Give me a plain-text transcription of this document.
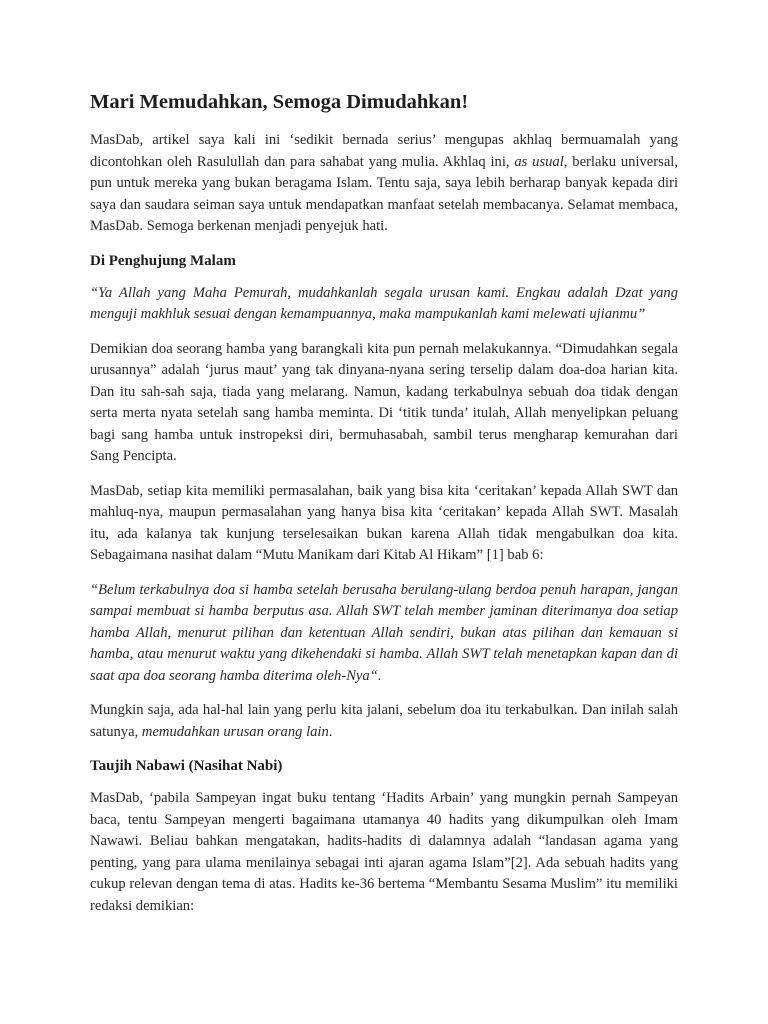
Mari Memudahkan, Semoga Dimudahkan!

MasDab, artikel saya kali ini ‘sedikit bernada serius’ mengupas akhlaq bermuamalah yang dicontohkan oleh Rasulullah dan para sahabat yang mulia. Akhlaq ini, as usual, berlaku universal, pun untuk mereka yang bukan beragama Islam. Tentu saja, saya lebih berharap banyak kepada diri saya dan saudara seiman saya untuk mendapatkan manfaat setelah membacanya. Selamat membaca, MasDab. Semoga berkenan menjadi penyejuk hati.

Di Penghujung Malam

“Ya Allah yang Maha Pemurah, mudahkanlah segala urusan kami. Engkau adalah Dzat yang menguji makhluk sesuai dengan kemampuannya, maka mampukanlah kami melewati ujianmu”

Demikian doa seorang hamba yang barangkali kita pun pernah melakukannya. “Dimudahkan segala urusannya” adalah ‘jurus maut’ yang tak dinyana-nyana sering terselip dalam doa-doa harian kita. Dan itu sah-sah saja, tiada yang melarang. Namun, kadang terkabulnya sebuah doa tidak dengan serta merta nyata setelah sang hamba meminta. Di ‘titik tunda’ itulah, Allah menyelipkan peluang bagi sang hamba untuk instropeksi diri, bermuhasabah, sambil terus mengharap kemurahan dari Sang Pencipta.

MasDab, setiap kita memiliki permasalahan, baik yang bisa kita ‘ceritakan’ kepada Allah SWT dan mahluq-nya, maupun permasalahan yang hanya bisa kita ‘ceritakan’ kepada Allah SWT. Masalah itu, ada kalanya tak kunjung terselesaikan bukan karena Allah tidak mengabulkan doa kita. Sebagaimana nasihat dalam “Mutu Manikam dari Kitab Al Hikam” [1] bab 6:

“Belum terkabulnya doa si hamba setelah berusaha berulang-ulang berdoa penuh harapan, jangan sampai membuat si hamba berputus asa. Allah SWT telah member jaminan diterimanya doa setiap hamba Allah, menurut pilihan dan ketentuan Allah sendiri, bukan atas pilihan dan kemauan si hamba, atau menurut waktu yang dikehendaki si hamba. Allah SWT telah menetapkan kapan dan di saat apa doa seorang hamba diterima oleh-Nya“.

Mungkin saja, ada hal-hal lain yang perlu kita jalani, sebelum doa itu terkabulkan. Dan inilah salah satunya, memudahkan urusan orang lain.

Taujih Nabawi (Nasihat Nabi)

MasDab, ‘pabila Sampeyan ingat buku tentang ‘Hadits Arbain’ yang mungkin pernah Sampeyan baca, tentu Sampeyan mengerti bagaimana utamanya 40 hadits yang dikumpulkan oleh Imam Nawawi. Beliau bahkan mengatakan, hadits-hadits di dalamnya adalah “landasan agama yang penting, yang para ulama menilainya sebagai inti ajaran agama Islam”[2]. Ada sebuah hadits yang cukup relevan dengan tema di atas. Hadits ke-36 bertema “Membantu Sesama Muslim” itu memiliki redaksi demikian:
